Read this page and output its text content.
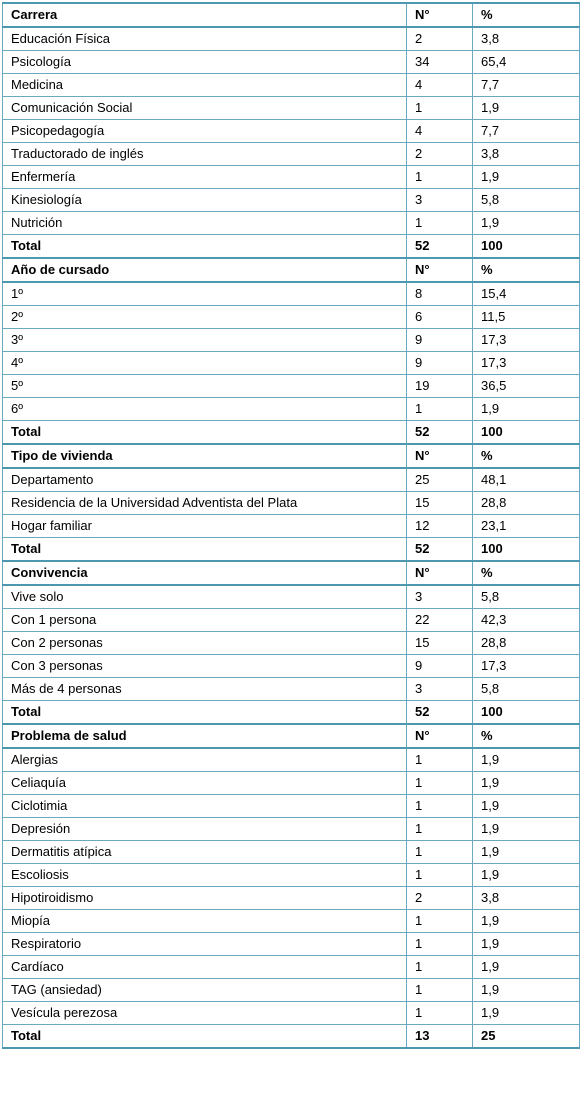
Carrera	N°	%
Educación Física	2	3,8
Psicología	34	65,4
Medicina	4	7,7
Comunicación Social	1	1,9
Psicopedagogía	4	7,7
Traductorado de inglés	2	3,8
Enfermería	1	1,9
Kinesiología	3	5,8
Nutrición	1	1,9
Total	52	100
Año de cursado	N°	%
1º	8	15,4
2º	6	11,5
3º	9	17,3
4º	9	17,3
5º	19	36,5
6º	1	1,9
Total	52	100
Tipo de vivienda	N°	%
Departamento	25	48,1
Residencia de la Universidad Adventista del Plata	15	28,8
Hogar familiar	12	23,1
Total	52	100
Convivencia	N°	%
Vive solo	3	5,8
Con 1 persona	22	42,3
Con 2 personas	15	28,8
Con 3 personas	9	17,3
Más de 4 personas	3	5,8
Total	52	100
Problema de salud	N°	%
Alergias	1	1,9
Celiaquía	1	1,9
Ciclotimia	1	1,9
Depresión	1	1,9
Dermatitis atípica	1	1,9
Escoliosis	1	1,9
Hipotiroidismo	2	3,8
Miopía	1	1,9
Respiratorio	1	1,9
Cardíaco	1	1,9
TAG (ansiedad)	1	1,9
Vesícula perezosa	1	1,9
Total	13	25
